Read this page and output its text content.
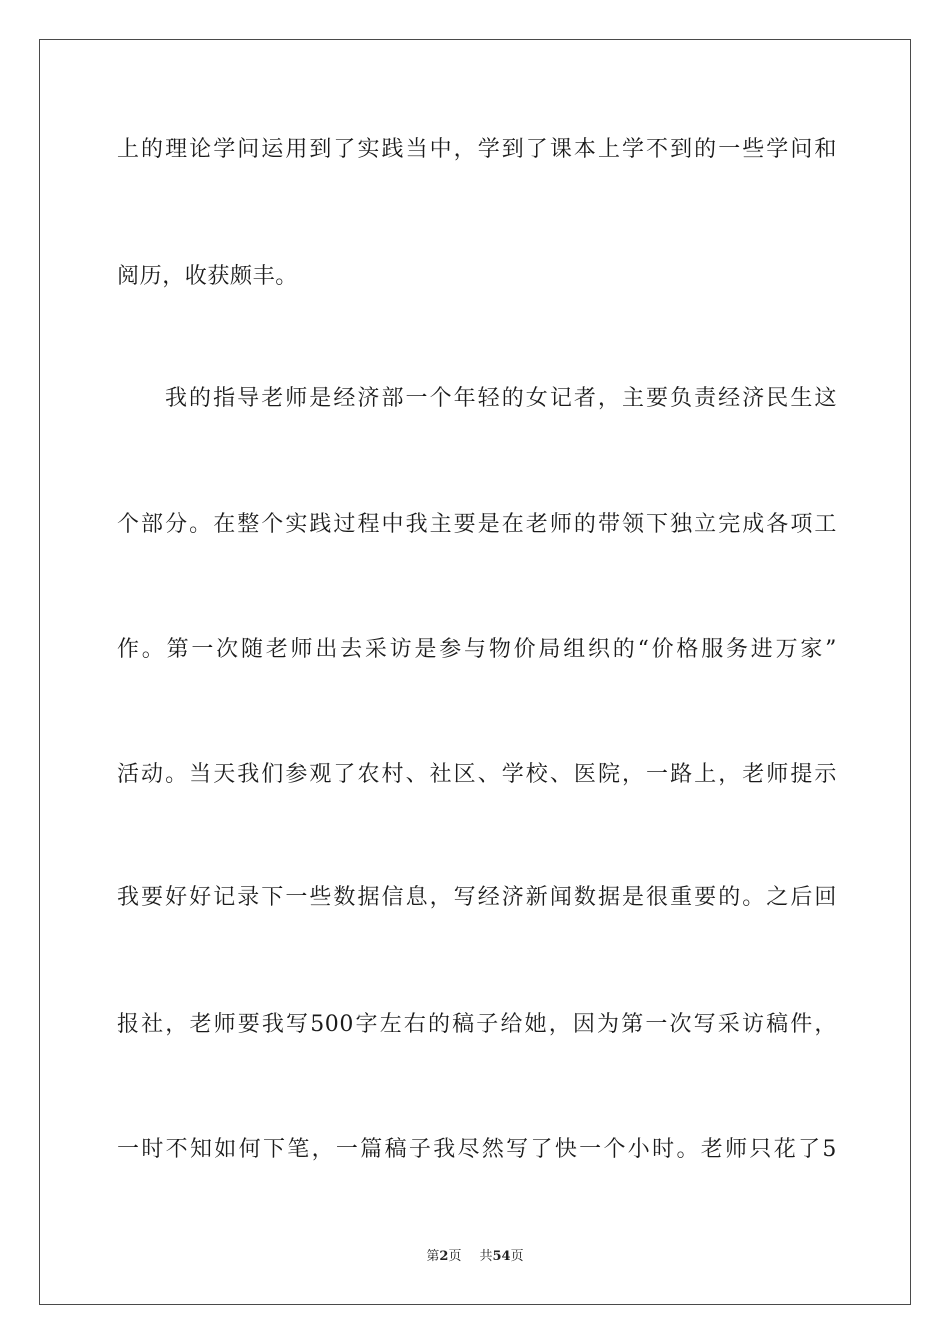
上的理论学问运用到了实践当中，学到了课本上学不到的一些学问和
阅历，收获颇丰。
我的指导老师是经济部一个年轻的女记者，主要负责经济民生这
个部分。在整个实践过程中我主要是在老师的带领下独立完成各项工
作。第一次随老师出去采访是参与物价局组织的“价格服务进万家”
活动。当天我们参观了农村、社区、学校、医院，一路上，老师提示
我要好好记录下一些数据信息，写经济新闻数据是很重要的。之后回
报社，老师要我写500字左右的稿子给她，因为第一次写采访稿件，
一时不知如何下笔，一篇稿子我尽然写了快一个小时。老师只花了5
第2页 共54页
